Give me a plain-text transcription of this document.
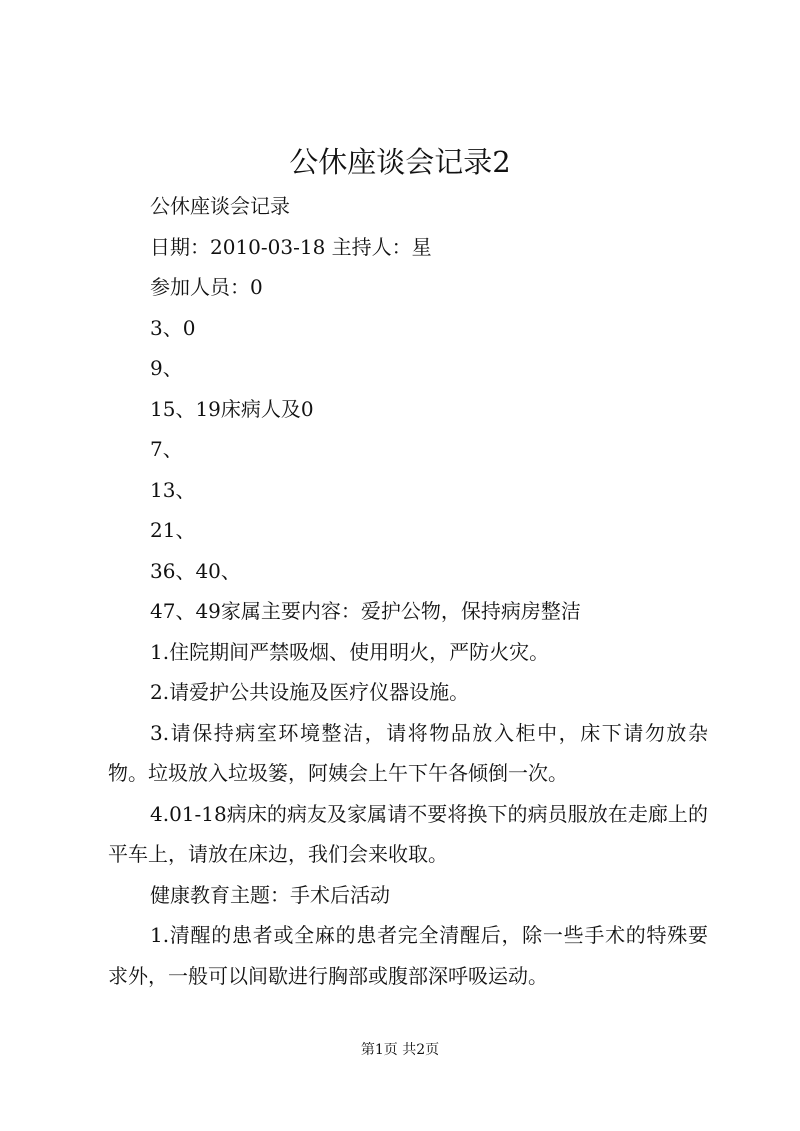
公休座谈会记录2

公休座谈会记录

日期：2010-03-18 主持人：星

参加人员：0

3、0

9、

15、19床病人及0

7、

13、

21、

36、40、

47、49家属主要内容：爱护公物，保持病房整洁

1.住院期间严禁吸烟、使用明火，严防火灾。

2.请爱护公共设施及医疗仪器设施。

3.请保持病室环境整洁，请将物品放入柜中，床下请勿放杂物。垃圾放入垃圾篓，阿姨会上午下午各倾倒一次。

4.01-18病床的病友及家属请不要将换下的病员服放在走廊上的平车上，请放在床边，我们会来收取。

健康教育主题：手术后活动

1.清醒的患者或全麻的患者完全清醒后，除一些手术的特殊要求外，一般可以间歇进行胸部或腹部深呼吸运动。

第1页 共2页
